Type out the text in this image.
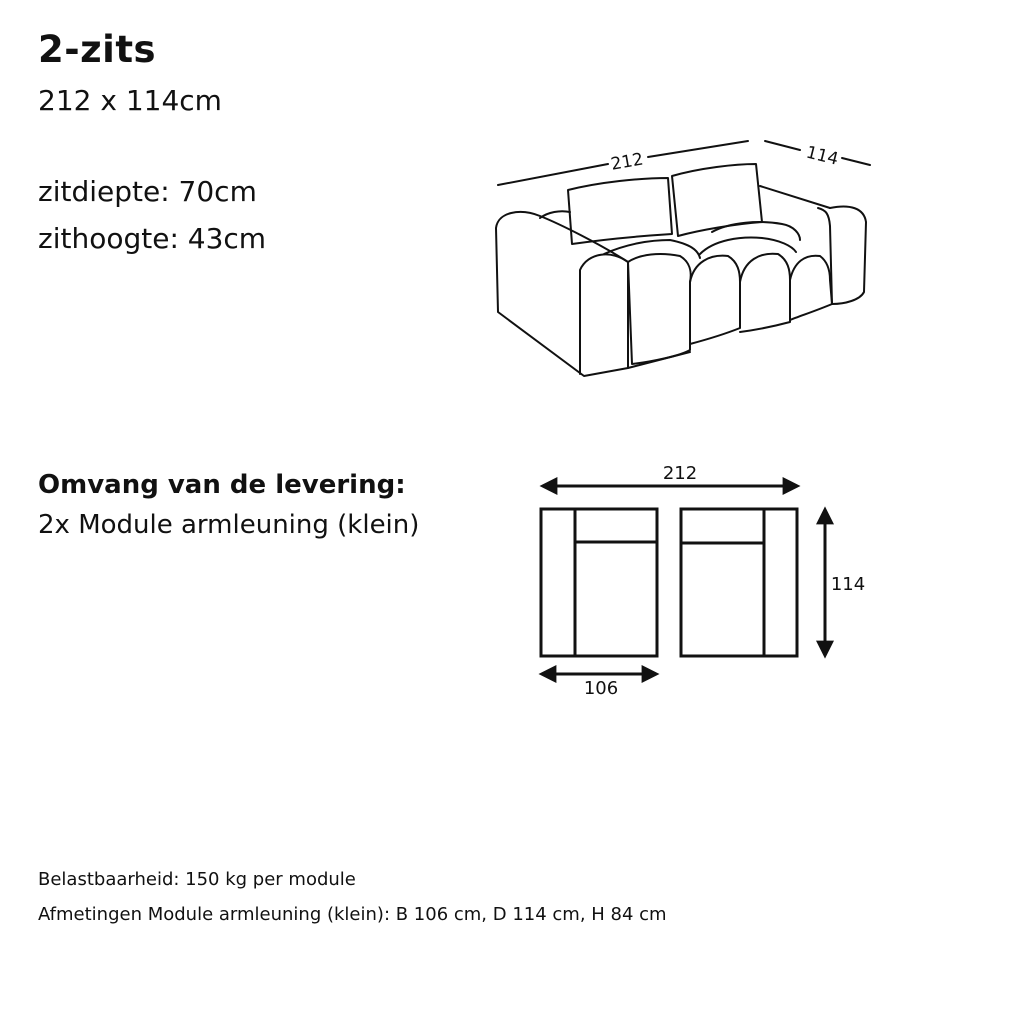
2-zits
212 x 114cm
zitdiepte: 70cm
zithoogte: 43cm
212	114
Omvang van de levering:
2x Module armleuning (klein)
212
114
106
Belastbaarheid: 150 kg per module
Afmetingen Module armleuning (klein): B 106 cm, D 114 cm, H 84 cm
